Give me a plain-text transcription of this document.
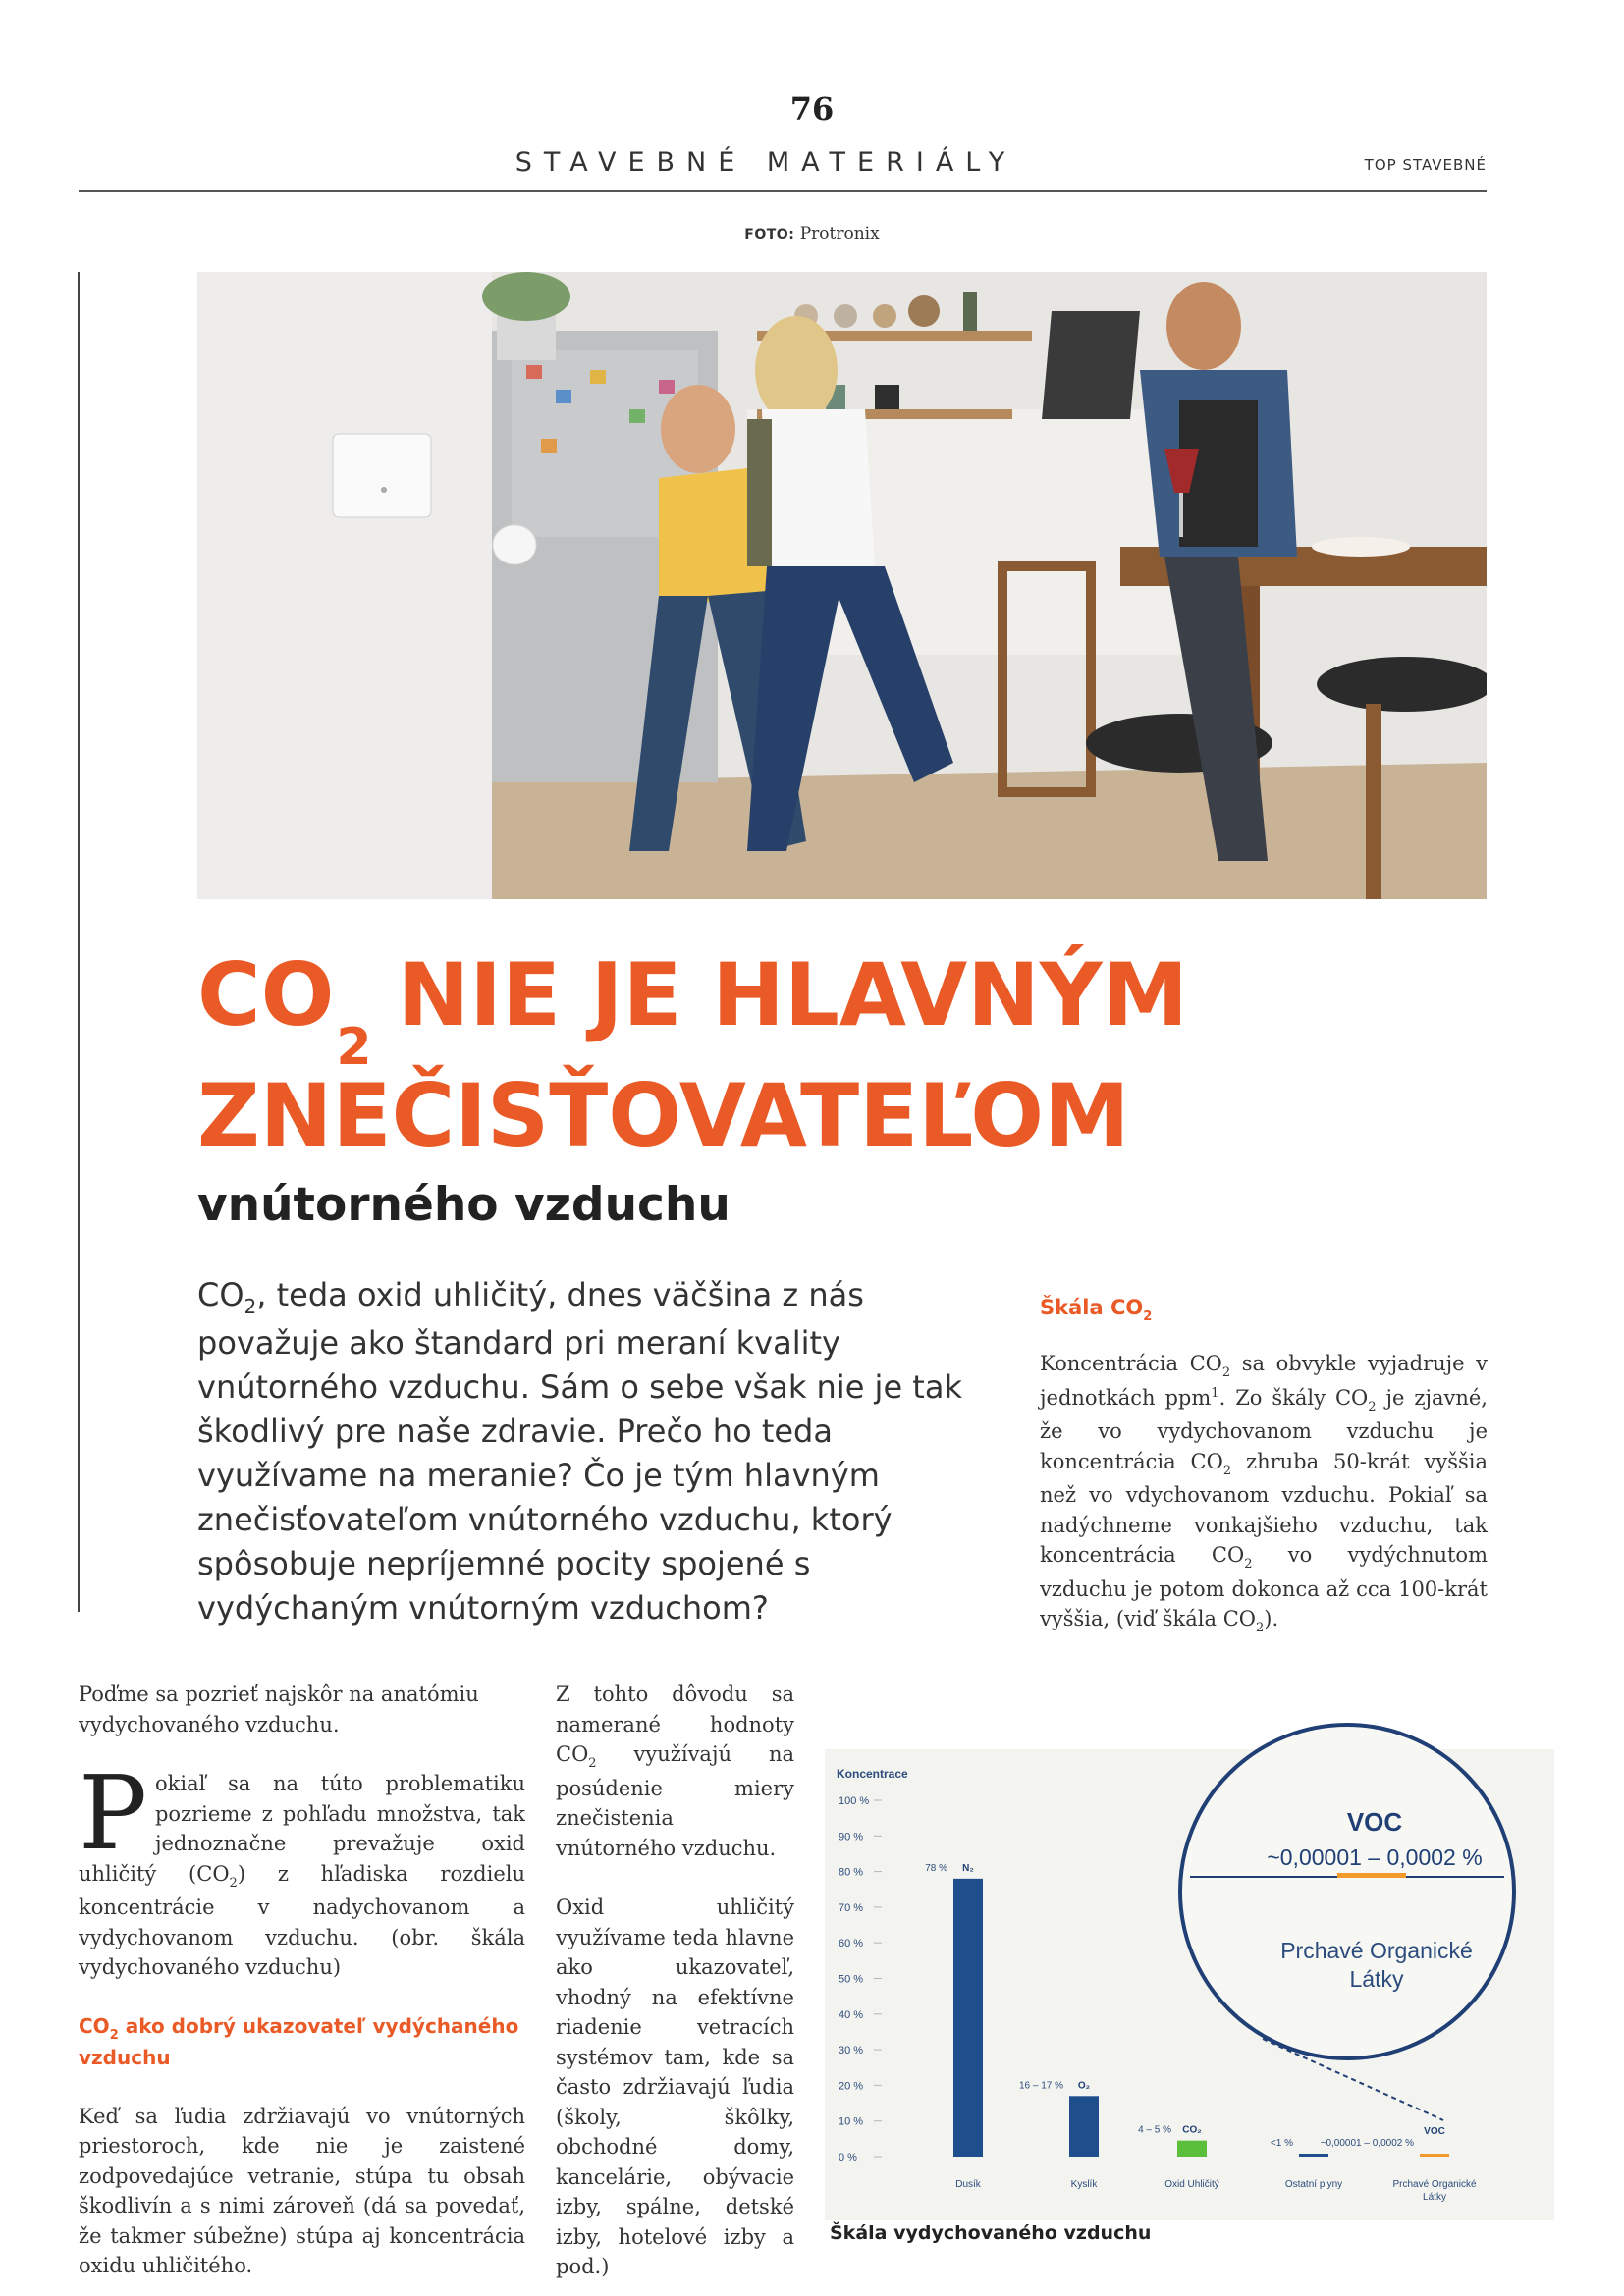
76
STAVEBNÉ MATERIÁLY	TOP STAVEBNÉ
FOTO: Protronix
$CO_2NIE$ JE HLAVNÝM
ZNEČISŤOVATEĽOM
vnútorného vzduchu

$CO_2$, teda oxid uhličitý, dnes väčšina z nás považuje ako štandard pri meraní kvality vnútorného vzduchu. Sám o sebe však nie je tak škodlivý pre naše zdravie. Prečo ho teda využívame na meranie? Čo je tým hlavným znečisťovateľom vnútorného vzduchu, ktorý spôsobuje nepríjemné pocity spojené s vydýchaným vnútorným vzduchom?

Škála $CO_2$
Koncentrácia $CO_2$ sa obvykle vyjadruje v jednotkách ppm$^1$. Zo škály $CO_2$ je zjavné, že vo vydychovanom vzduchu je koncentrácia $CO_2$ zhruba 50-krát vyššia než vo vdychovanom vzduchu. Pokiaľ sa nadýchneme vonkajšieho vzduchu, tak koncentrácia $CO_2$ vo vydýchnutom vzduchu je potom dokonca až cca 100-krát vyššia, (viď škála $CO_2$).

Poďme sa pozrieť najskôr na anatómiu vydychovaného vzduchu.

Pokiaľ sa na túto problematiku pozrieme z pohľadu množstva, tak jednoznačne prevažuje oxid uhličitý $(CO_2)$ z hľadiska rozdielu koncentrácie v nadychovanom a vydychovanom vzduchu. (obr. škála vydychovaného vzduchu)

$CO_2$ ako dobrý ukazovateľ vydýchaného vzduchu

Keď sa ľudia zdržiavajú vo vnútorných priestoroch, kde nie je zaistené zodpovedajúce vetranie, stúpa tu obsah škodlivín a s nimi zároveň (dá sa povedať, že takmer súbežne) stúpa aj koncentrácia oxidu uhličitého.

Z tohto dôvodu sa namerané hodnoty $CO_2$ využívajú na posúdenie miery znečistenia vnútorného vzduchu.

Oxid uhličitý využívame teda hlavne ako ukazovateľ, vhodný na efektívne riadenie vetracích systémov tam, kde sa často zdržiavajú ľudia (školy, škôlky, obchodné domy, kancelárie, obývacie izby, spálne, detské izby, hotelové izby a pod.)

Koncentrace
0 %
10 %
20 %
30 %
40 %
50 %
60 %
70 %
80 %
90 %
100 %
78 % N₂
Dusík
16 – 17 % O₂
Kyslík
4 – 5 % CO₂
Oxid Uhličitý
<1 %
Ostatní plyny
~0,00001 – 0,0002 %
VOC
Prchavé Organické
Látky
VOC
~0,00001 – 0,0002 %
Prchavé Organické
Látky
Škála vydychovaného vzduchu
